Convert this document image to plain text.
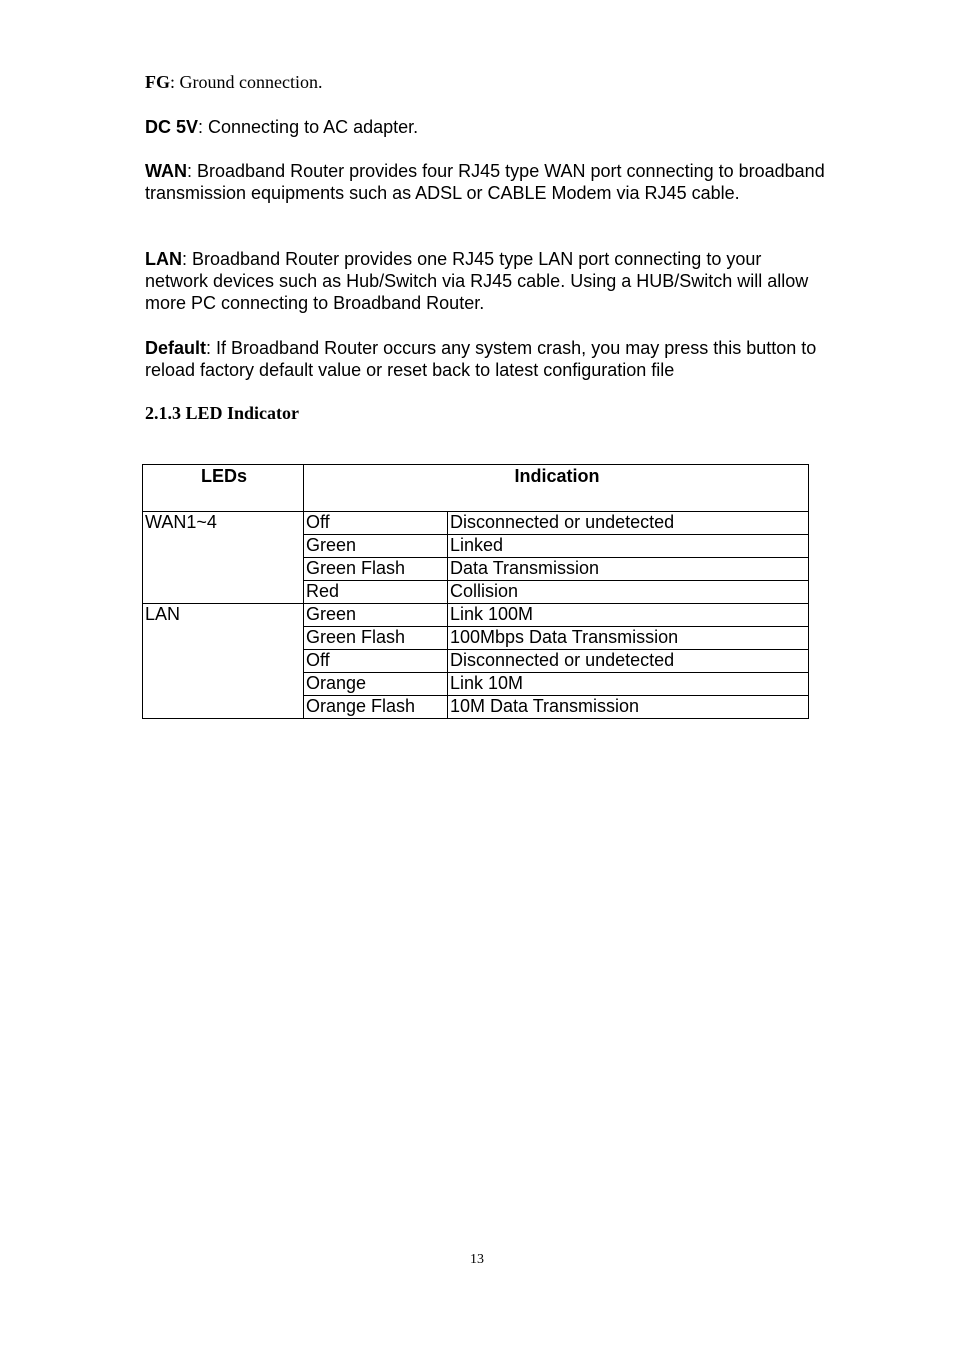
FG: Ground connection.
DC 5V: Connecting to AC adapter.
WAN: Broadband Router provides four RJ45 type WAN port connecting to broadband transmission equipments such as ADSL or CABLE Modem via RJ45 cable.
LAN: Broadband Router provides one RJ45 type LAN port connecting to your network devices such as Hub/Switch via RJ45 cable. Using a HUB/Switch will allow more PC connecting to Broadband Router.
Default: If Broadband Router occurs any system crash, you may press this button to reload factory default value or reset back to latest configuration file
2.1.3 LED Indicator
LEDs	Indication	
WAN1~4	Off	Disconnected or undetected
	Green	Linked
	Green Flash	Data Transmission
	Red	Collision
LAN	Green	Link 100M
	Green Flash	100Mbps Data Transmission
	Off	Disconnected or undetected
	Orange	Link 10M
	Orange Flash	10M Data Transmission
13
